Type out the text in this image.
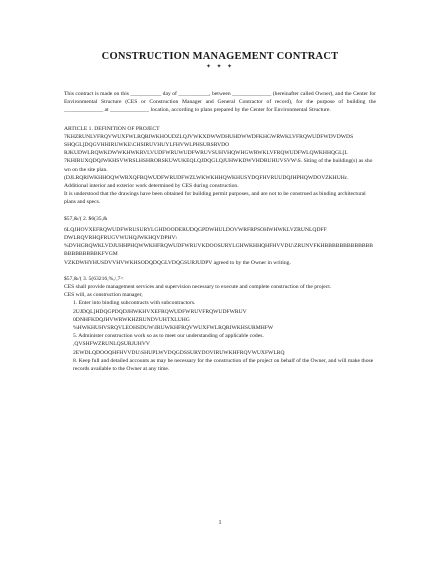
CONSTRUCTION MANAGEMENT CONTRACT
✦ ✦ ✦

This contract is made on this ___________ day of ___________, between ______________ (hereinafter called Owner), and the Center for Environmental Structure (CES or Construction Manager and General Contractor of record), for the purpose of building the ______________ at ______________ location, according to plans prepared by the Center for Environmental Structure.

ARTICLE 1. DEFINITION OF PROJECT

7KHZRUNLVFRQVWUXFWLRQRIWKHOUDZLQJVWKXDWWDHUHDWWDFKHGWRWKLVFRQWUDFWDVDWDS

SHQGL[DQGVHHIRUWKE\CHSIRUVHUYLFHVWLPHSURSRVDO

RJKUDWLRQWKDWWKHWKRVLVUDFWRUWUDFWRUVSUHVHQWHGWRWKLVFRQWUDFWLQWKHHQGL[L

7KHIRUXQDQJWKHSVWRSLHSHRORSKUWUKEQLQJDQGLQJUHWKDWVHDRUHUVSVW\S. Siting of the building(s) as shown on the site plan.

(DJLRQRIWKHHOQWWRXQFRQWUDFWRUDFWZLWKWKHHQWKHUSYDQFHVRUUDQJHPHQWDOVZKHUHc.

Additional interior and exterior work determined by CES during construction.

It is understood that the drawings have been obtained for building permit purposes, and are not to be construed as binding architectural plans and specs.

$57,&/( 2. $6(35,&

6LQJHOVXEFRQWUDFWRUSURYLGHDOODERUDQGPDWHULDOVWRFRPSOHWHWKLVZRUNLQDFF

DWLRQVRHQFRUGVWUHQJWKHQVDPHV\

%DVHGRQWKLVDJUHHPHQWWKHFRQWUDFWRUVKDOOSURYLGHWKHHQHFHVVDU\ZRUNVFKHBBBBBBBBBBBBBBBBBBBBBBKFVGM

VZKDWHYHUSDVVHVWKHSODQDQGLVDQGSURJUDPV agreed to by the Owner in writing.

$57,&/( 3. 5(63216,%,/,7<

CES shall provide management services and supervision necessary to execute and complete construction of the project.

CES will, as construction manager,

1. Enter into binding subcontracts with subcontractors.

2UJDQL]HDQGPDQDJHWKHVXEFRQWUDFWRUVFRQWUDFWRUV

0DNHFKDQJHVWRWKHZRUNDVUHTXLUHG

%HWKHUHVSRQVLEOHSDUW\IRUWKHFRQVWUXFWLRQRIWKHSURMHFW

5. Administer construction work so as to meet our understanding of applicable codes.

,QVSHFWZRUNLQSURJUHVV

2EWDLQDOOQHFHVVDU\SHUPLWVDQGDSSURYDOVIRUWKHFRQVWUXFWLRQ

8. Keep full and detailed accounts as may be necessary for the construction of the project on behalf of the Owner, and will make those records available to the Owner at any time.

1
